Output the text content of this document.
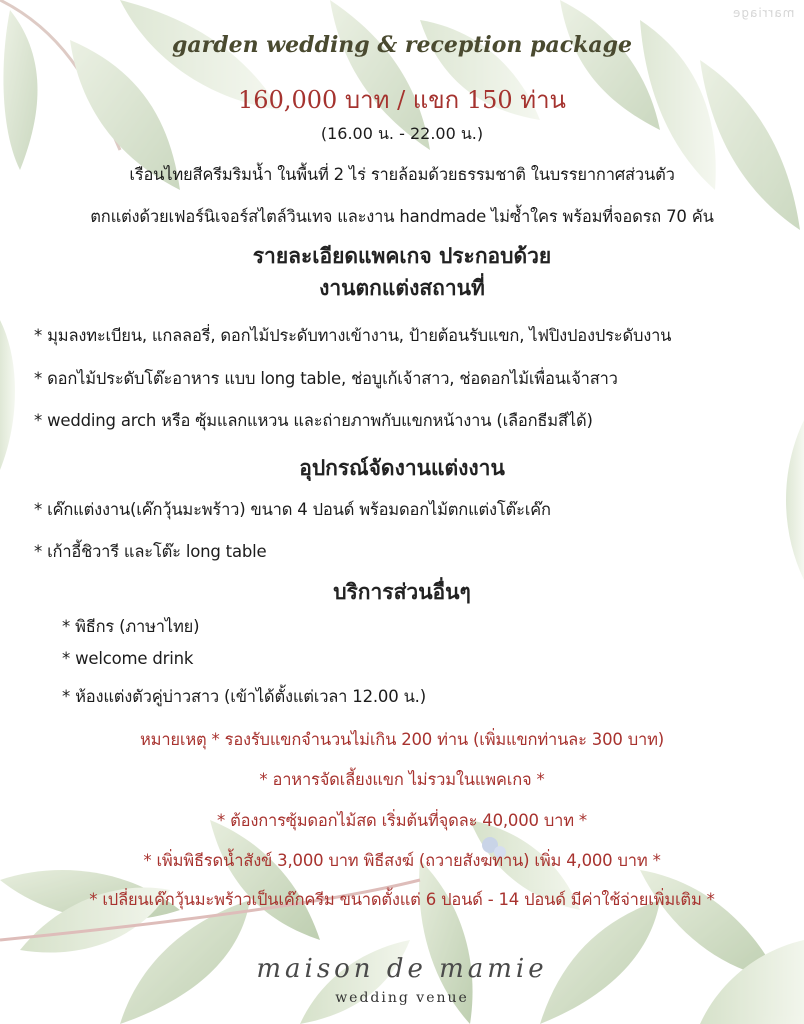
marriage
garden wedding & reception package
160,000 บาท / แขก 150 ท่าน
(16.00 น. - 22.00 น.)
เรือนไทยสีครีมริมน้ำ ในพื้นที่ 2 ไร่ รายล้อมด้วยธรรมชาติ ในบรรยากาศส่วนตัว
ตกแต่งด้วยเฟอร์นิเจอร์สไตล์วินเทจ และงาน handmade ไม่ซ้ำใคร พร้อมที่จอดรถ 70 คัน
รายละเอียดแพคเกจ ประกอบด้วย
งานตกแต่งสถานที่
* มุมลงทะเบียน, แกลลอรี่, ดอกไม้ประดับทางเข้างาน, ป้ายต้อนรับแขก, ไฟปิงปองประดับงาน
* ดอกไม้ประดับโต๊ะอาหาร แบบ long table, ช่อบูเก้เจ้าสาว, ช่อดอกไม้เพื่อนเจ้าสาว
* wedding arch หรือ ซุ้มแลกแหวน และถ่ายภาพกับแขกหน้างาน (เลือกธีมสีได้)
อุปกรณ์จัดงานแต่งงาน
* เค๊กแต่งงาน(เค๊กวุ้นมะพร้าว) ขนาด 4 ปอนด์ พร้อมดอกไม้ตกแต่งโต๊ะเค๊ก
* เก้าอี้ชิวารี และโต๊ะ long table
บริการส่วนอื่นๆ
* พิธีกร (ภาษาไทย)
* welcome drink
* ห้องแต่งตัวคู่บ่าวสาว (เข้าได้ตั้งแต่เวลา 12.00 น.)
หมายเหตุ * รองรับแขกจำนวนไม่เกิน 200 ท่าน (เพิ่มแขกท่านละ 300 บาท)
* อาหารจัดเลี้ยงแขก ไม่รวมในแพคเกจ *
* ต้องการซุ้มดอกไม้สด เริ่มต้นที่จุดละ 40,000 บาท *
* เพิ่มพิธีรดน้ำสังข์ 3,000 บาท พิธีสงฆ์ (ถวายสังฆทาน) เพิ่ม 4,000 บาท *
* เปลี่ยนเค๊กวุ้นมะพร้าวเป็นเค๊กครีม ขนาดตั้งแต่ 6 ปอนด์ - 14 ปอนด์ มีค่าใช้จ่ายเพิ่มเติม *
maison de mamie
wedding venue
